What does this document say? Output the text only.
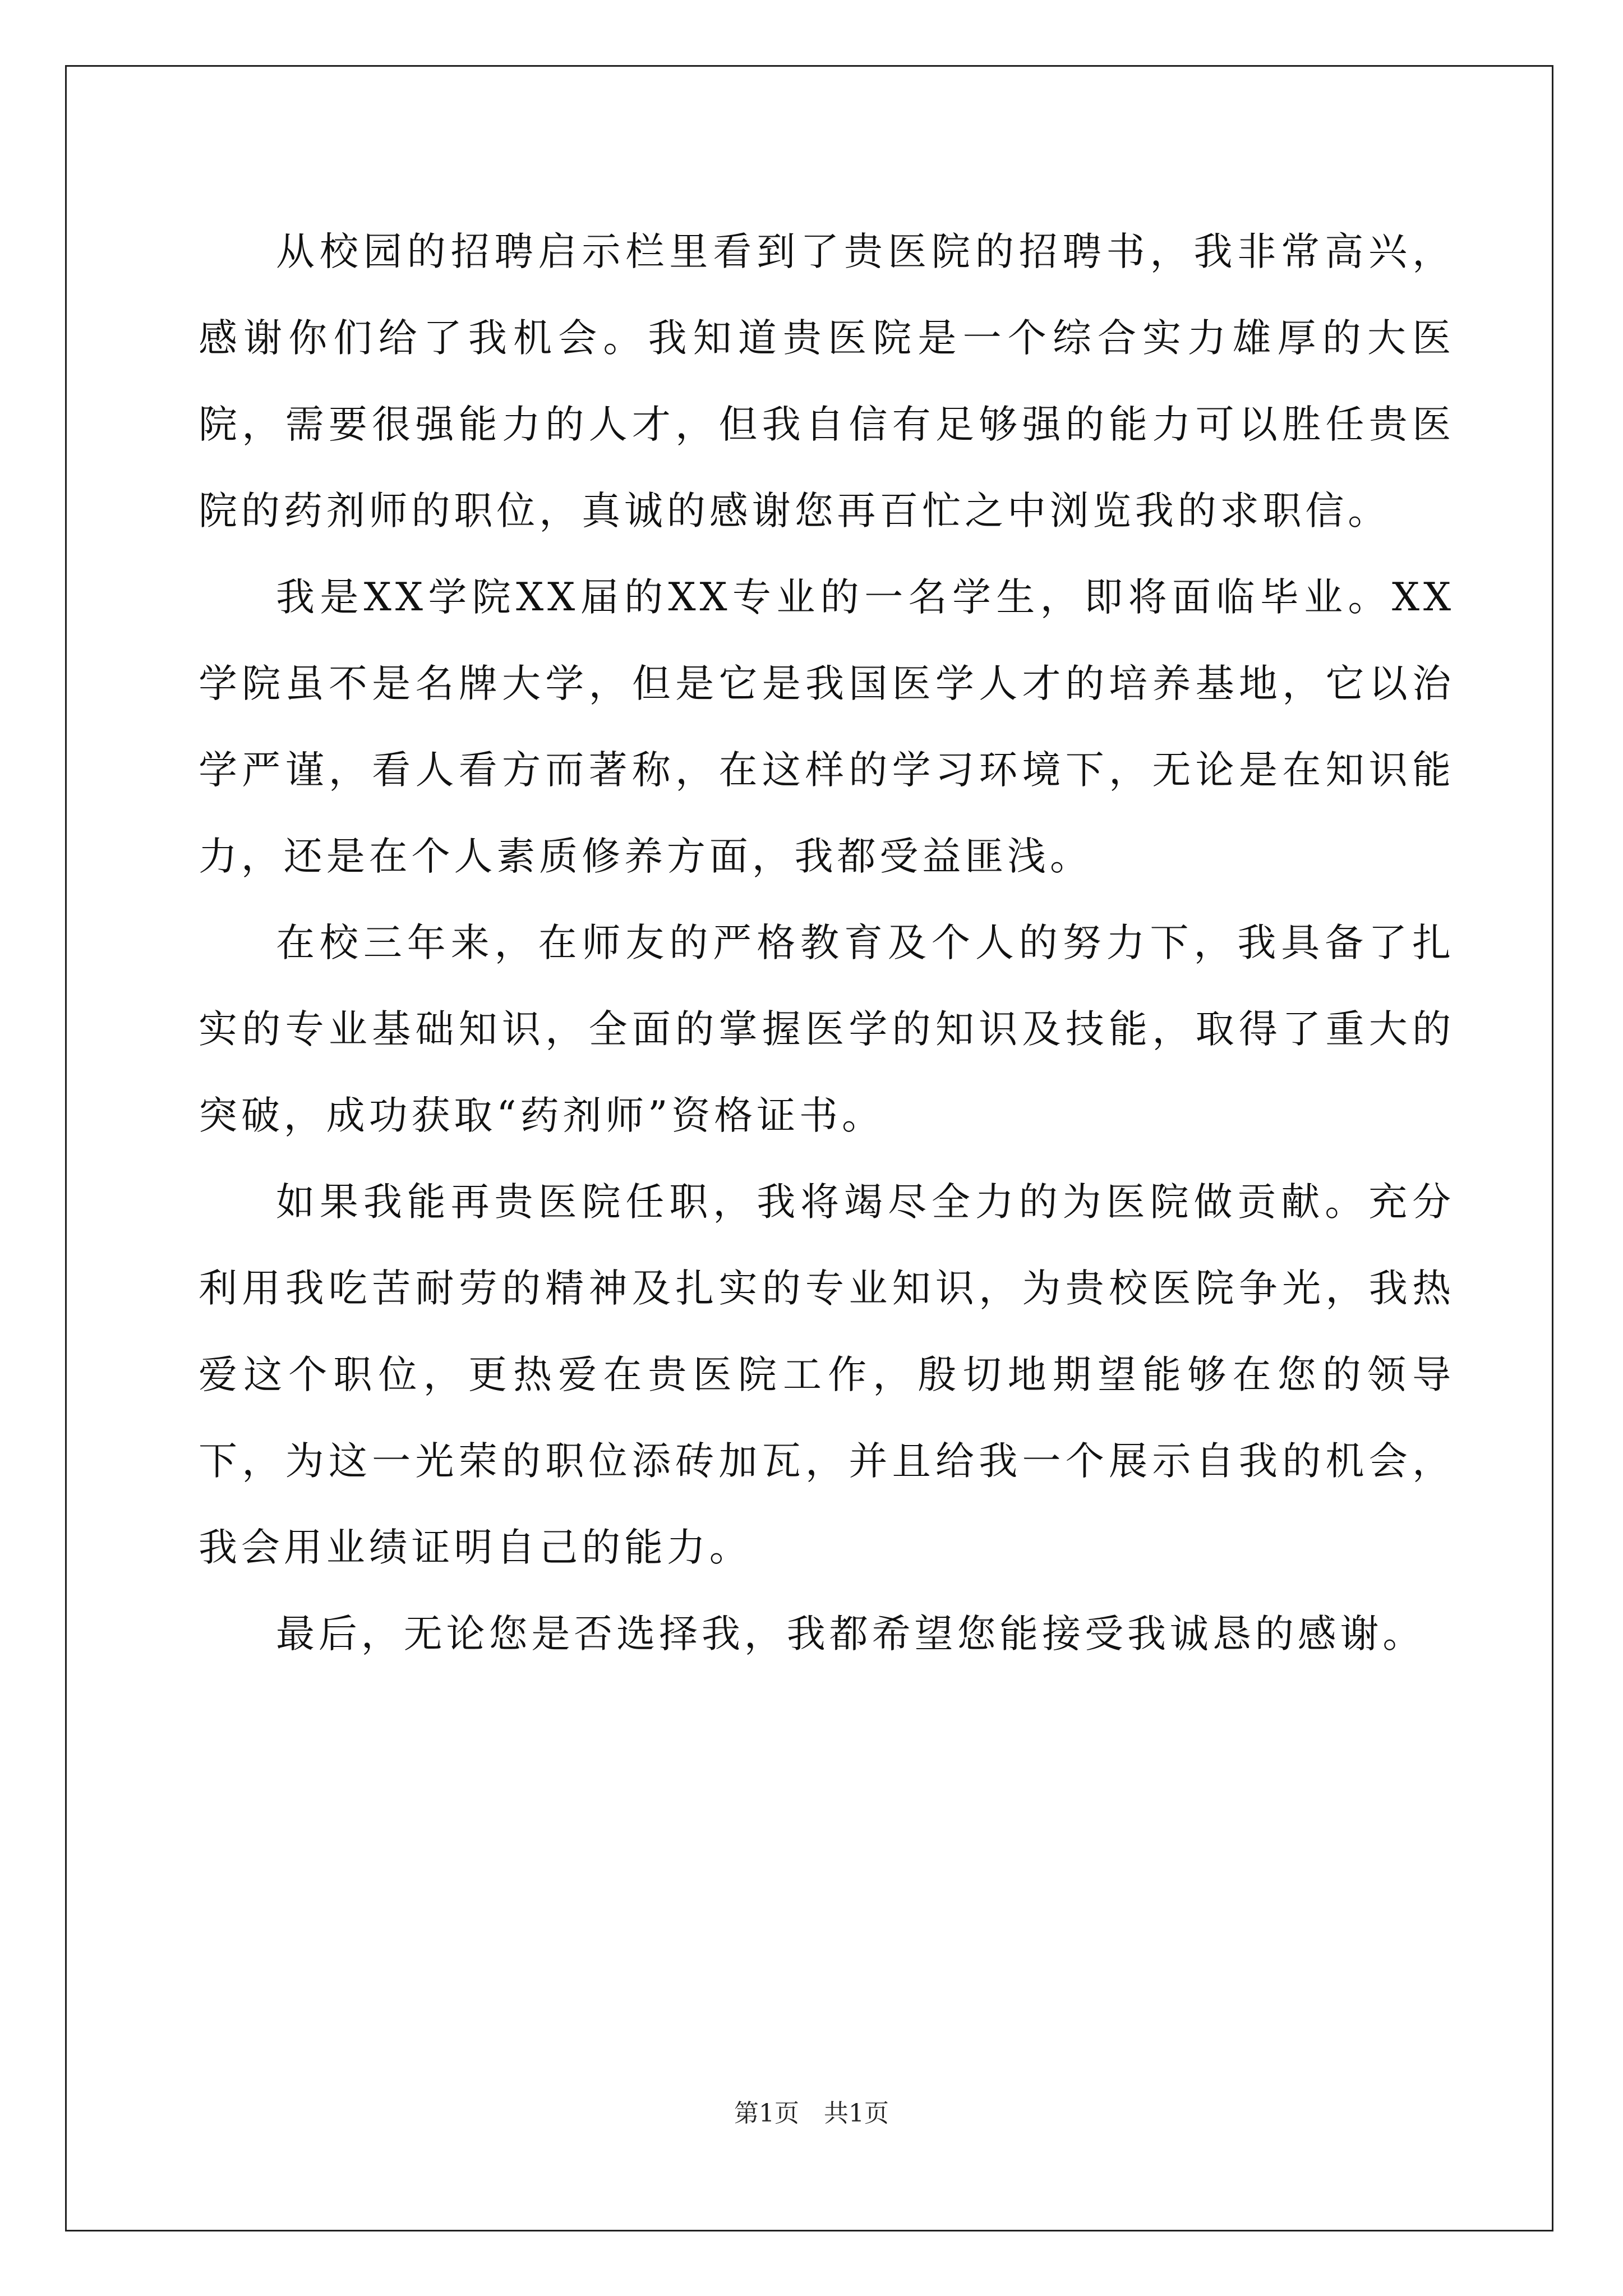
从校园的招聘启示栏里看到了贵医院的招聘书，我非常高兴，感谢你们给了我机会。我知道贵医院是一个综合实力雄厚的大医院，需要很强能力的人才，但我自信有足够强的能力可以胜任贵医院的药剂师的职位，真诚的感谢您再百忙之中浏览我的求职信。

我是XX学院XX届的XX专业的一名学生，即将面临毕业。XX学院虽不是名牌大学，但是它是我国医学人才的培养基地，它以治学严谨，看人看方而著称，在这样的学习环境下，无论是在知识能力，还是在个人素质修养方面，我都受益匪浅。

在校三年来，在师友的严格教育及个人的努力下，我具备了扎实的专业基础知识，全面的掌握医学的知识及技能，取得了重大的突破，成功获取“药剂师”资格证书。

如果我能再贵医院任职，我将竭尽全力的为医院做贡献。充分利用我吃苦耐劳的精神及扎实的专业知识，为贵校医院争光，我热爱这个职位，更热爱在贵医院工作，殷切地期望能够在您的领导下，为这一光荣的职位添砖加瓦，并且给我一个展示自我的机会，我会用业绩证明自己的能力。

最后，无论您是否选择我，我都希望您能接受我诚恳的感谢。

第1页　共1页
